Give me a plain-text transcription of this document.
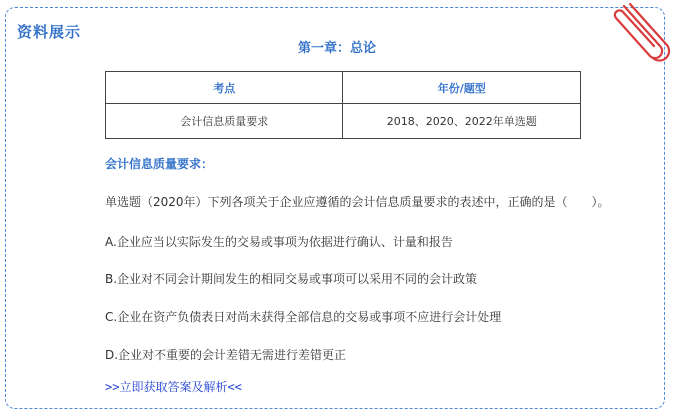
资料展示
第一章：总论
考点	年份/题型
会计信息质量要求	2018、2020、2022年单选题
会计信息质量要求：
单选题（2020年）下列各项关于企业应遵循的会计信息质量要求的表述中，正确的是（　　）。
A.企业应当以实际发生的交易或事项为依据进行确认、计量和报告
B.企业对不同会计期间发生的相同交易或事项可以采用不同的会计政策
C.企业在资产负债表日对尚未获得全部信息的交易或事项不应进行会计处理
D.企业对不重要的会计差错无需进行差错更正
>>立即获取答案及解析<<
